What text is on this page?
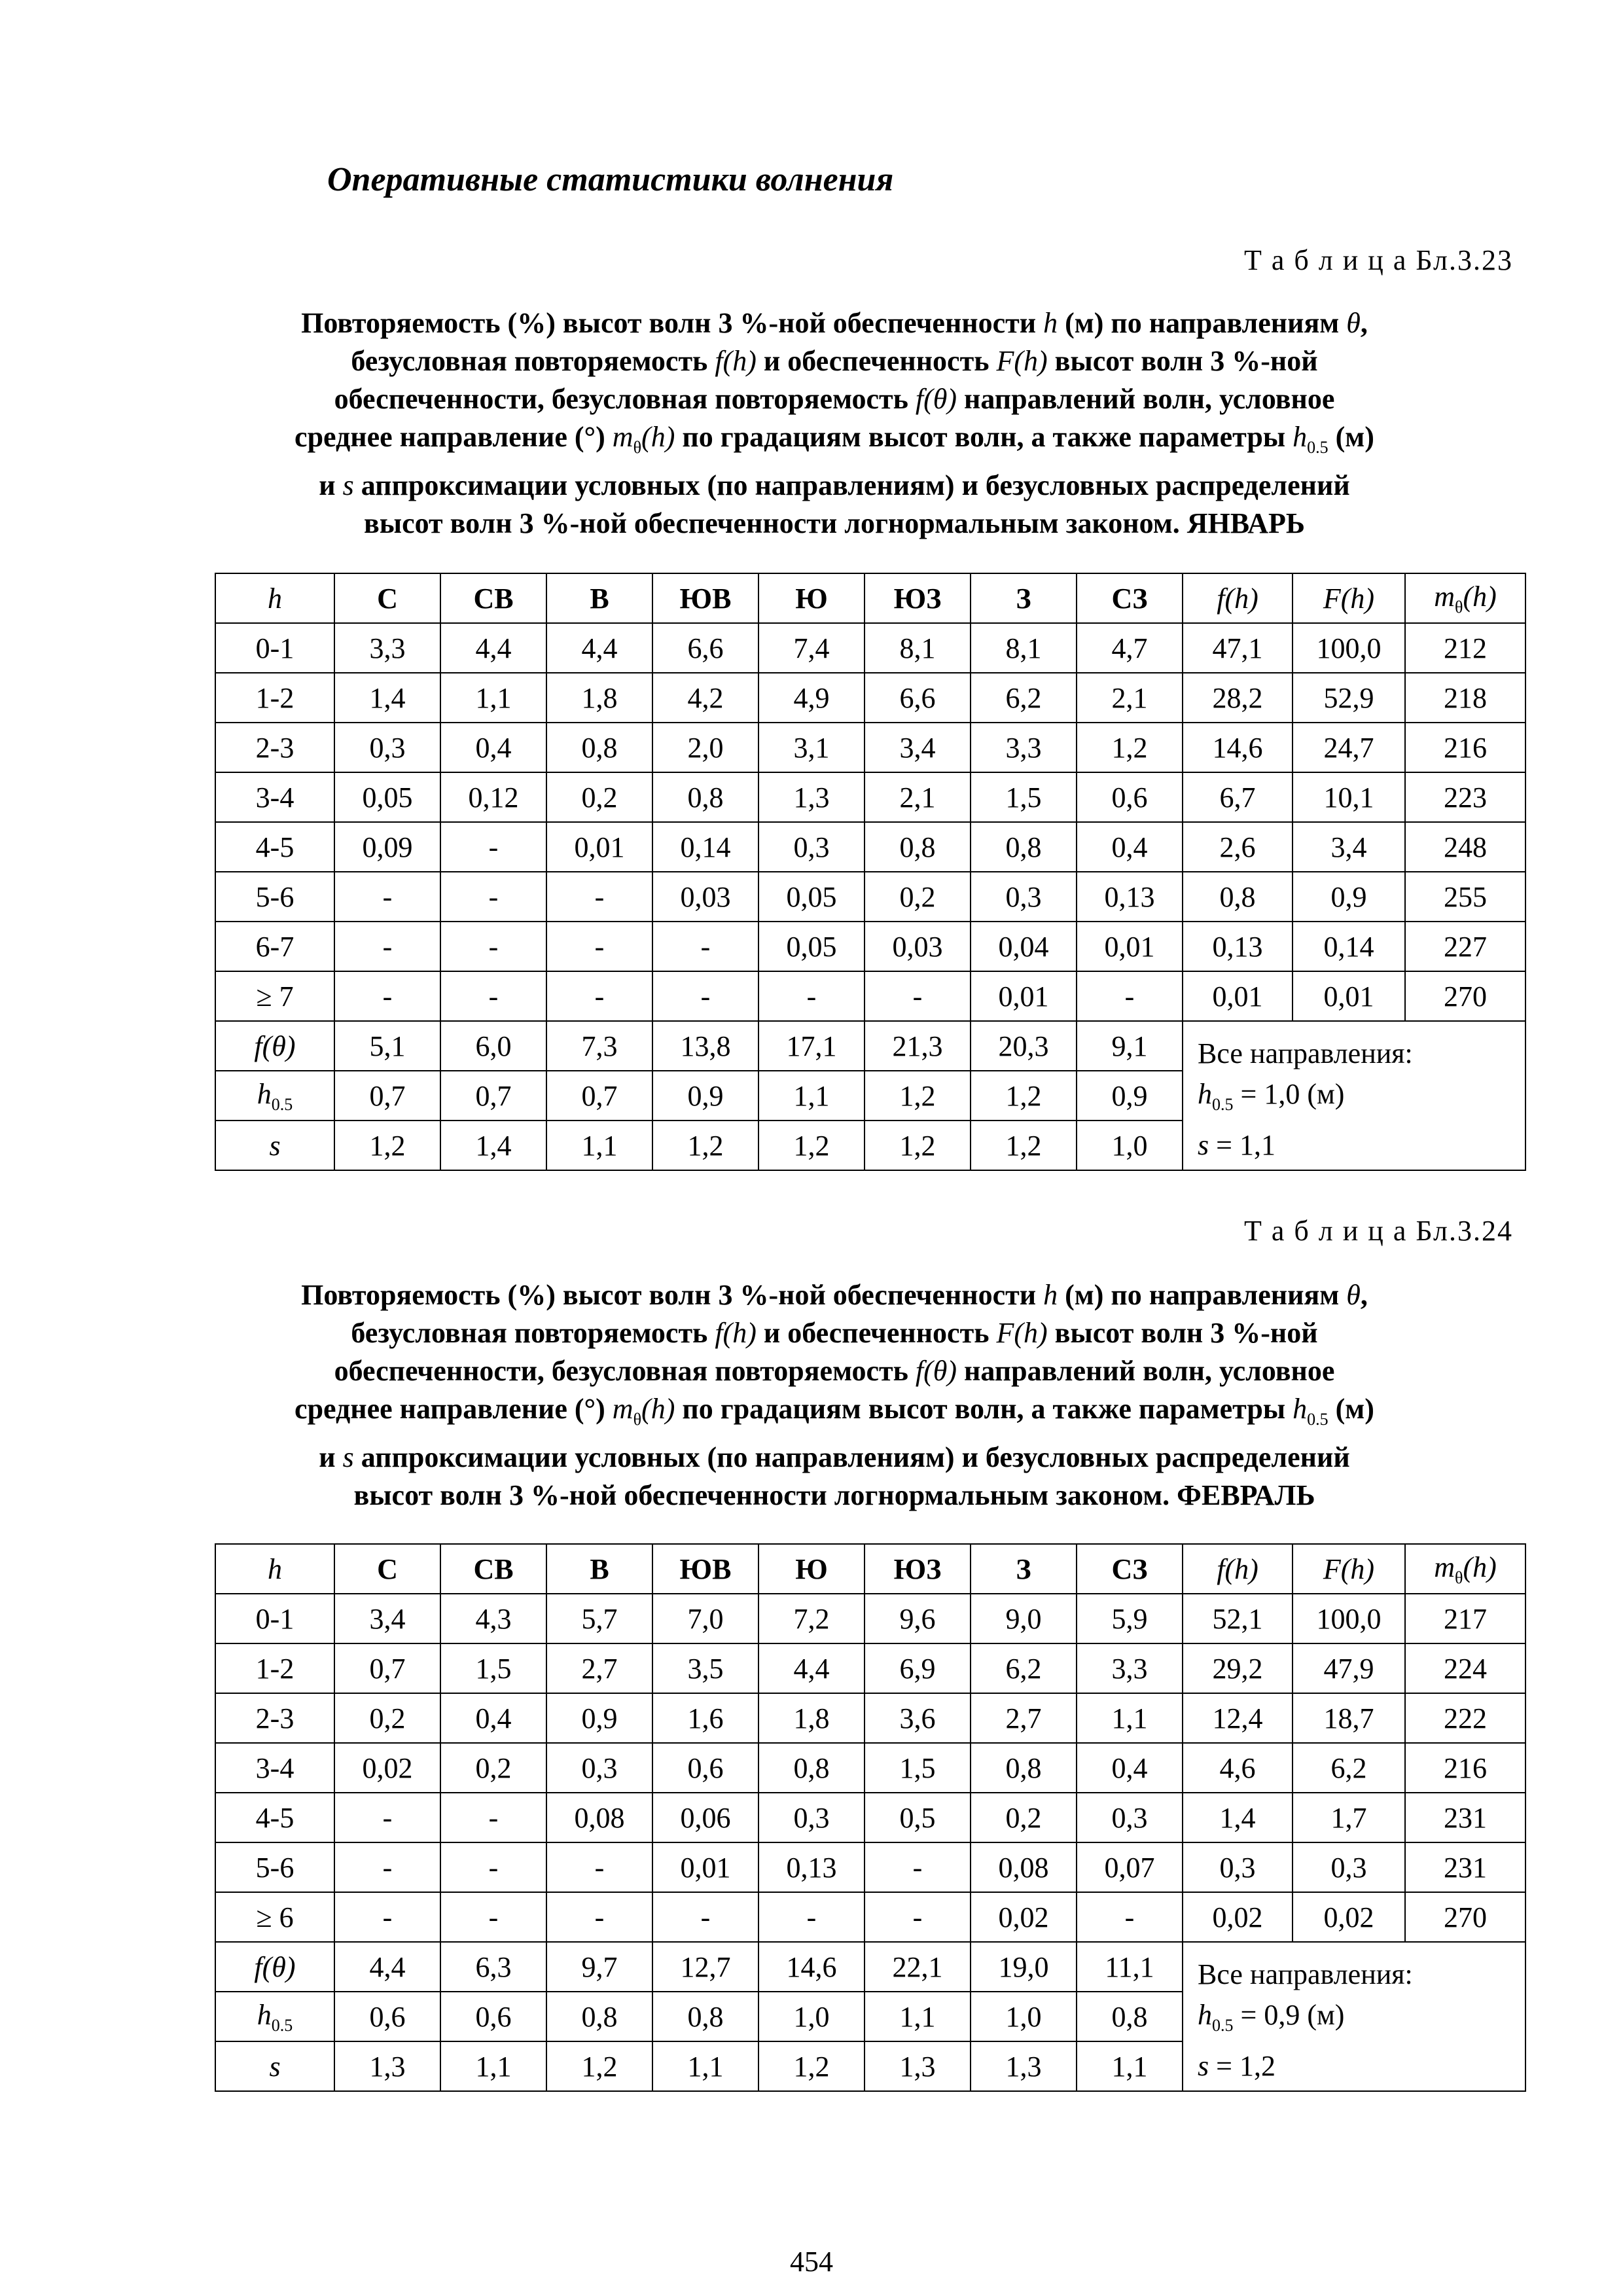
Оперативные статистики волнения
Т а б л и ц а Бл.3.23
Повторяемость (%) высот волн 3 %-ной обеспеченности h (м) по направлениям θ,
безусловная повторяемость f(h) и обеспеченность F(h) высот волн 3 %-ной
обеспеченности, безусловная повторяемость f(θ) направлений волн, условное
среднее направление (°) $m_\theta(h)$ по градациям высот волн, а также параметры $h_{0.5}$ (м)
и s аппроксимации условных (по направлениям) и безусловных распределений
высот волн 3 %-ной обеспеченности логнормальным законом. ЯНВАРЬ
h	С	СВ	В	ЮВ	Ю	ЮЗ	З	СЗ	f(h)	F(h)	$m_\theta(h)$
0-1	3,3	4,4	4,4	6,6	7,4	8,1	8,1	4,7	47,1	100,0	212
1-2	1,4	1,1	1,8	4,2	4,9	6,6	6,2	2,1	28,2	52,9	218
2-3	0,3	0,4	0,8	2,0	3,1	3,4	3,3	1,2	14,6	24,7	216
3-4	0,05	0,12	0,2	0,8	1,3	2,1	1,5	0,6	6,7	10,1	223
4-5	0,09	-	0,01	0,14	0,3	0,8	0,8	0,4	2,6	3,4	248
5-6	-	-	-	0,03	0,05	0,2	0,3	0,13	0,8	0,9	255
6-7	-	-	-	-	0,05	0,03	0,04	0,01	0,13	0,14	227
≥ 7	-	-	-	-	-	-	0,01	-	0,01	0,01	270
f(θ)	5,1	6,0	7,3	13,8	17,1	21,3	20,3	9,1	Все направления:
$h_{0.5} = 1,0$ (м)
s = 1,1		

$h_{0.5}$	0,7	0,7	0,7	0,9	1,1	1,2	1,2	0,9			
s	1,2	1,4	1,1	1,2	1,2	1,2	1,2	1,0			
Т а б л и ц а Бл.3.24
Повторяемость (%) высот волн 3 %-ной обеспеченности h (м) по направлениям θ,
безусловная повторяемость f(h) и обеспеченность F(h) высот волн 3 %-ной
обеспеченности, безусловная повторяемость f(θ) направлений волн, условное
среднее направление (°) $m_\theta(h)$ по градациям высот волн, а также параметры $h_{0.5}$ (м)
и s аппроксимации условных (по направлениям) и безусловных распределений
высот волн 3 %-ной обеспеченности логнормальным законом. ФЕВРАЛЬ
h	С	СВ	В	ЮВ	Ю	ЮЗ	З	СЗ	f(h)	F(h)	$m_\theta(h)$
0-1	3,4	4,3	5,7	7,0	7,2	9,6	9,0	5,9	52,1	100,0	217
1-2	0,7	1,5	2,7	3,5	4,4	6,9	6,2	3,3	29,2	47,9	224
2-3	0,2	0,4	0,9	1,6	1,8	3,6	2,7	1,1	12,4	18,7	222
3-4	0,02	0,2	0,3	0,6	0,8	1,5	0,8	0,4	4,6	6,2	216
4-5	-	-	0,08	0,06	0,3	0,5	0,2	0,3	1,4	1,7	231
5-6	-	-	-	0,01	0,13	-	0,08	0,07	0,3	0,3	231
≥ 6	-	-	-	-	-	-	0,02	-	0,02	0,02	270
f(θ)	4,4	6,3	9,7	12,7	14,6	22,1	19,0	11,1	Все направления:
$h_{0.5} = 0,9$ (м)
s = 1,2		

$h_{0.5}$	0,6	0,6	0,8	0,8	1,0	1,1	1,0	0,8			
s	1,3	1,1	1,2	1,1	1,2	1,3	1,3	1,1			
454
